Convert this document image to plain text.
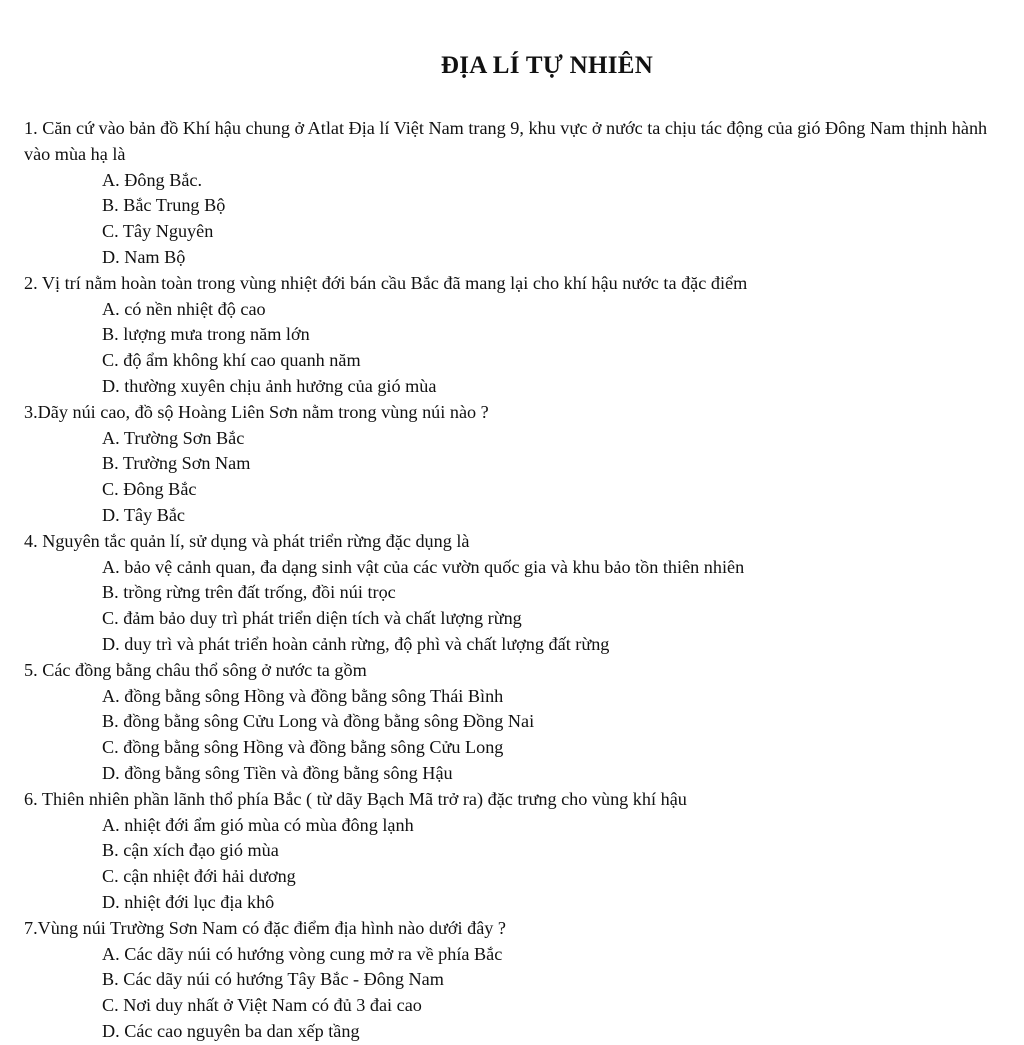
ĐỊA LÍ TỰ NHIÊN

1. Căn cứ vào bản đồ Khí hậu chung ở Atlat Địa lí Việt Nam trang 9, khu vực ở nước ta chịu tác động của gió Đông Nam thịnh hành vào mùa hạ là

A. Đông Bắc.
B. Bắc Trung Bộ
C. Tây Nguyên
D. Nam Bộ

2. Vị trí nằm hoàn toàn trong vùng nhiệt đới bán cầu Bắc đã mang lại cho khí hậu nước ta đặc điểm

A. có nền nhiệt độ cao
B. lượng mưa trong năm lớn
C. độ ẩm không khí cao quanh năm
D. thường xuyên chịu ảnh hưởng của gió mùa

3.Dãy núi cao, đồ sộ Hoàng Liên Sơn nằm trong vùng núi nào ?

A. Trường Sơn Bắc
B. Trường Sơn Nam
C. Đông Bắc
D. Tây Bắc

4. Nguyên tắc quản lí, sử dụng và phát triển rừng đặc dụng là

A. bảo vệ cảnh quan, đa dạng sinh vật của các vườn quốc gia và khu bảo tồn thiên nhiên
B. trồng rừng trên đất trống, đồi núi trọc
C. đảm bảo duy trì phát triển diện tích và chất lượng rừng
D. duy trì và phát triển hoàn cảnh rừng, độ phì và chất lượng đất rừng

5. Các đồng bằng châu thổ sông ở nước ta gồm

A. đồng bằng sông Hồng và đồng bằng sông Thái Bình
B. đồng bằng sông Cửu Long và đồng bằng sông Đồng Nai
C. đồng bằng sông Hồng và đồng bằng sông Cửu Long
D. đồng bằng sông Tiền và đồng bằng sông Hậu

6. Thiên nhiên phần lãnh thổ phía Bắc ( từ dãy Bạch Mã trở ra) đặc trưng cho vùng khí hậu

A. nhiệt đới ẩm gió mùa có mùa đông lạnh
B. cận xích đạo gió mùa
C. cận nhiệt đới hải dương
D. nhiệt đới lục địa khô

7.Vùng núi Trường Sơn Nam có đặc điểm địa hình nào dưới đây ?

A. Các dãy núi có hướng vòng cung mở ra về phía Bắc
B. Các dãy núi có hướng Tây Bắc - Đông Nam
C. Nơi duy nhất ở Việt Nam có đủ 3 đai cao
D. Các cao nguyên ba dan xếp tầng
